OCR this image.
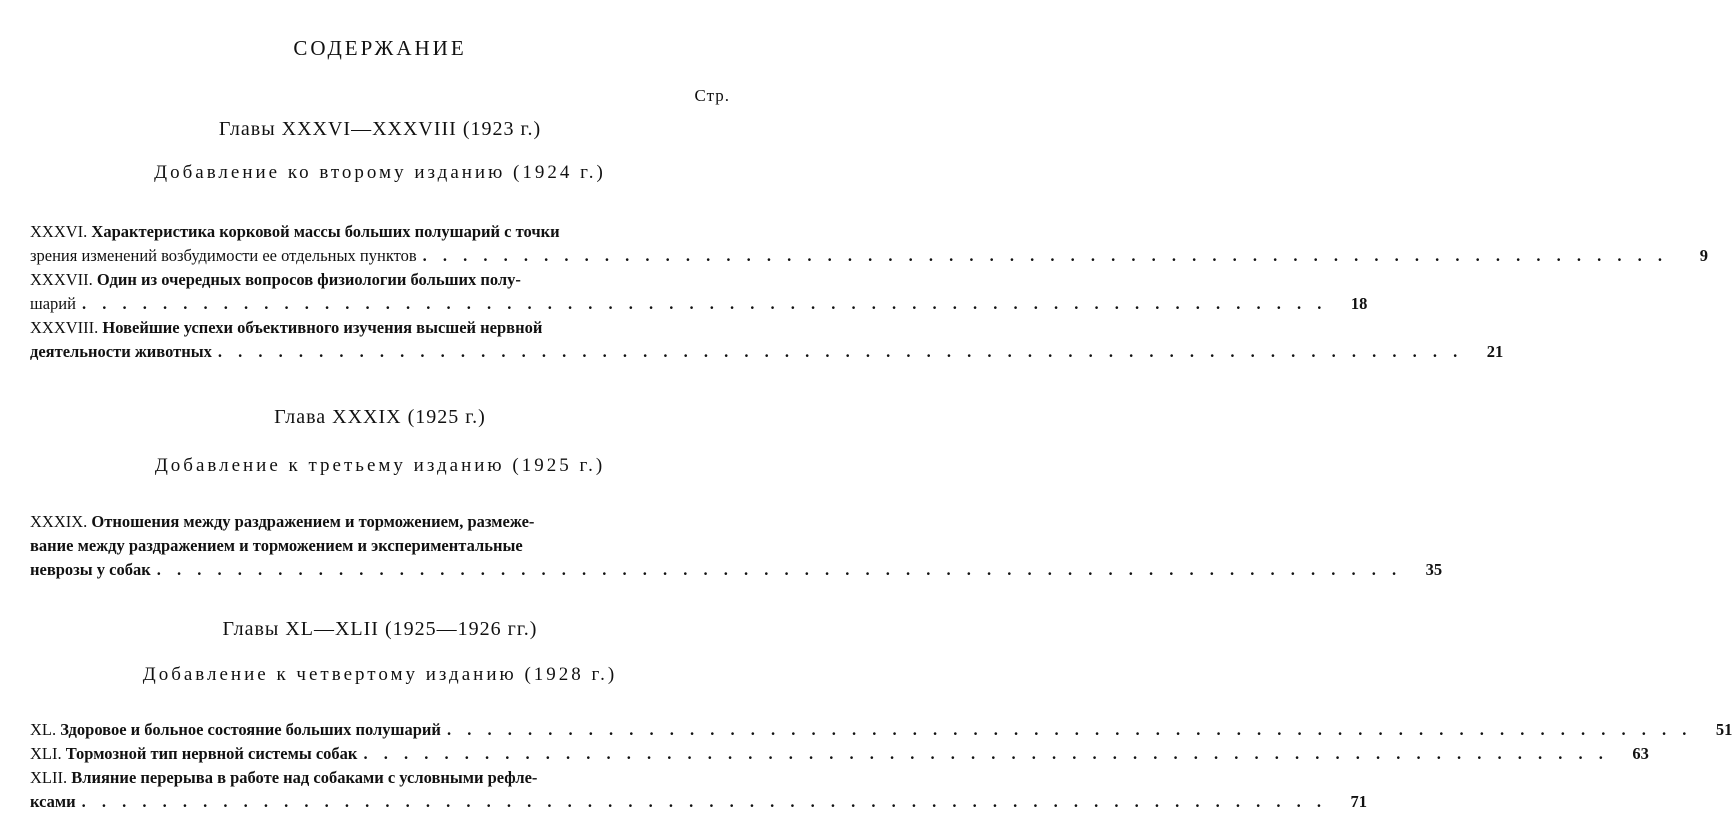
СОДЕРЖАНИЕ
Стр.
Главы XXXVI—XXXVIII (1923 г.)
Добавление ко второму изданию (1924 г.)
XXXVI. Характеристика корковой массы больших полушарий с точки
зрения изменений возбудимости ее отдельных пунктов . . . . . . . . . . . . . . . . . . . . . . . . . . . . . . . . . . . . . . . . . . . . . . . . . . . . . . . . . . . . . .	9
XXXVII. Один из очередных вопросов физиологии больших полу-
шарий . . . . . . . . . . . . . . . . . . . . . . . . . . . . . . . . . . . . . . . . . . . . . . . . . . . . . . . . . . . . . .	18
XXXVIII. Новейшие успехи объективного изучения высшей нервной
деятельности животных . . . . . . . . . . . . . . . . . . . . . . . . . . . . . . . . . . . . . . . . . . . . . . . . . . . . . . . . . . . . . .	21
Глава XXXIX (1925 г.)
Добавление к третьему изданию (1925 г.)
XXXIX. Отношения между раздражением и торможением, размеже-
вание между раздражением и торможением и экспериментальные
неврозы у собак . . . . . . . . . . . . . . . . . . . . . . . . . . . . . . . . . . . . . . . . . . . . . . . . . . . . . . . . . . . . . .	35
Главы XL—XLII (1925—1926 гг.)
Добавление к четвертому изданию (1928 г.)
XL.
Здоровое и больное состояние больших полушарий . . . . . . . . . . . . . . . . . . . . . . . . . . . . . . . . . . . . . . . . . . . . . . . . . . . . . . . . . . . . . .	51
XLI.
Тормозной тип нервной системы собак . . . . . . . . . . . . . . . . . . . . . . . . . . . . . . . . . . . . . . . . . . . . . . . . . . . . . . . . . . . . . .	63
XLII. Влияние перерыва в работе над собаками с условными рефле-
ксами . . . . . . . . . . . . . . . . . . . . . . . . . . . . . . . . . . . . . . . . . . . . . . . . . . . . . . . . . . . . . .	71
